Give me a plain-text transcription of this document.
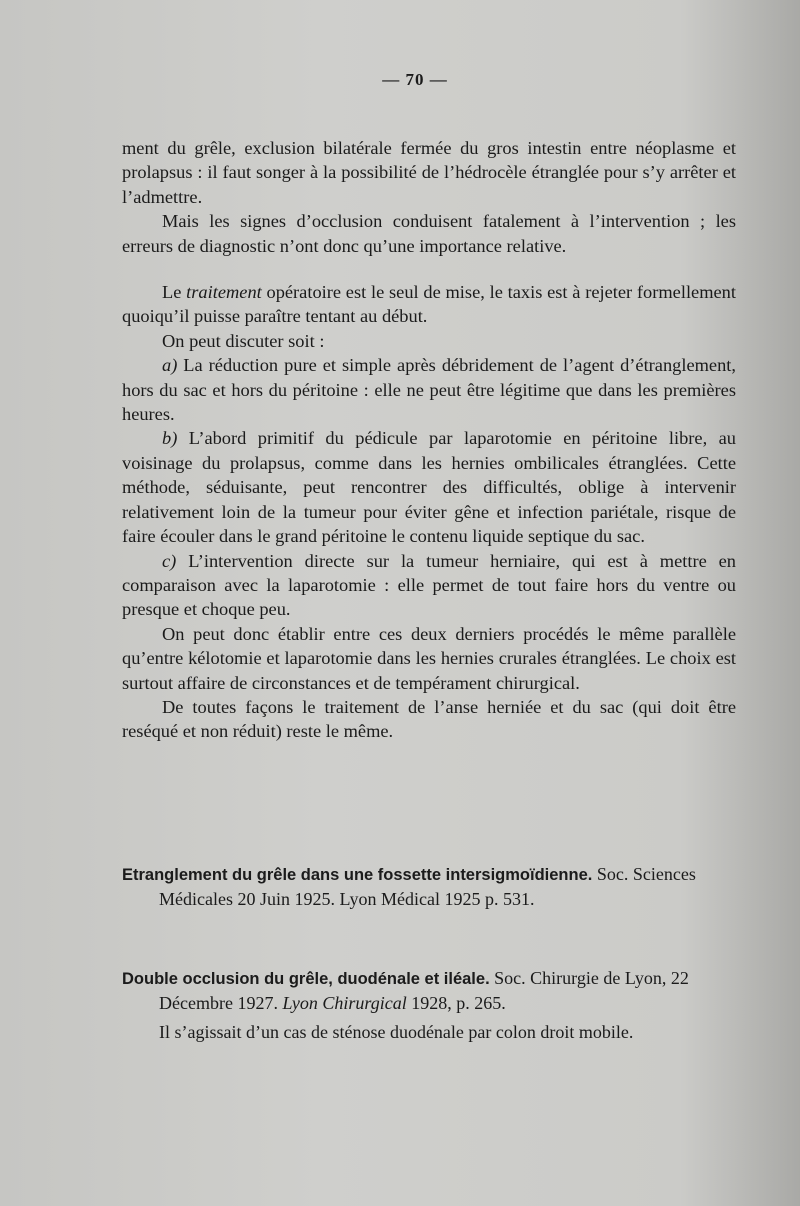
— 70 —

ment du grêle, exclusion bilatérale fermée du gros intestin entre néoplasme et prolapsus : il faut songer à la possibilité de l’hédrocèle étranglée pour s’y arrêter et l’admettre.

Mais les signes d’occlusion conduisent fatalement à l’intervention ; les erreurs de diagnostic n’ont donc qu’une importance relative.

Le traitement opératoire est le seul de mise, le taxis est à rejeter formellement quoiqu’il puisse paraître tentant au début.

On peut discuter soit :

a) La réduction pure et simple après débridement de l’agent d’étranglement, hors du sac et hors du péritoine : elle ne peut être légitime que dans les premières heures.

b) L’abord primitif du pédicule par laparotomie en péritoine libre, au voisinage du prolapsus, comme dans les hernies ombilicales étranglées. Cette méthode, séduisante, peut rencontrer des difficultés, oblige à intervenir relativement loin de la tumeur pour éviter gêne et infection pariétale, risque de faire écouler dans le grand péritoine le contenu liquide septique du sac.

c) L’intervention directe sur la tumeur herniaire, qui est à mettre en comparaison avec la laparotomie : elle permet de tout faire hors du ventre ou presque et choque peu.

On peut donc établir entre ces deux derniers procédés le même parallèle qu’entre kélotomie et laparotomie dans les hernies crurales étranglées. Le choix est surtout affaire de circonstances et de tempérament chirurgical.

De toutes façons le traitement de l’anse herniée et du sac (qui doit être reséqué et non réduit) reste le même.

Etranglement du grêle dans une fossette intersigmoïdienne. Soc. Sciences Médicales 20 Juin 1925. Lyon Médical 1925 p. 531.

Double occlusion du grêle, duodénale et iléale. Soc. Chirurgie de Lyon, 22 Décembre 1927. Lyon Chirurgical 1928, p. 265.

Il s’agissait d’un cas de sténose duodénale par colon droit mobile.
